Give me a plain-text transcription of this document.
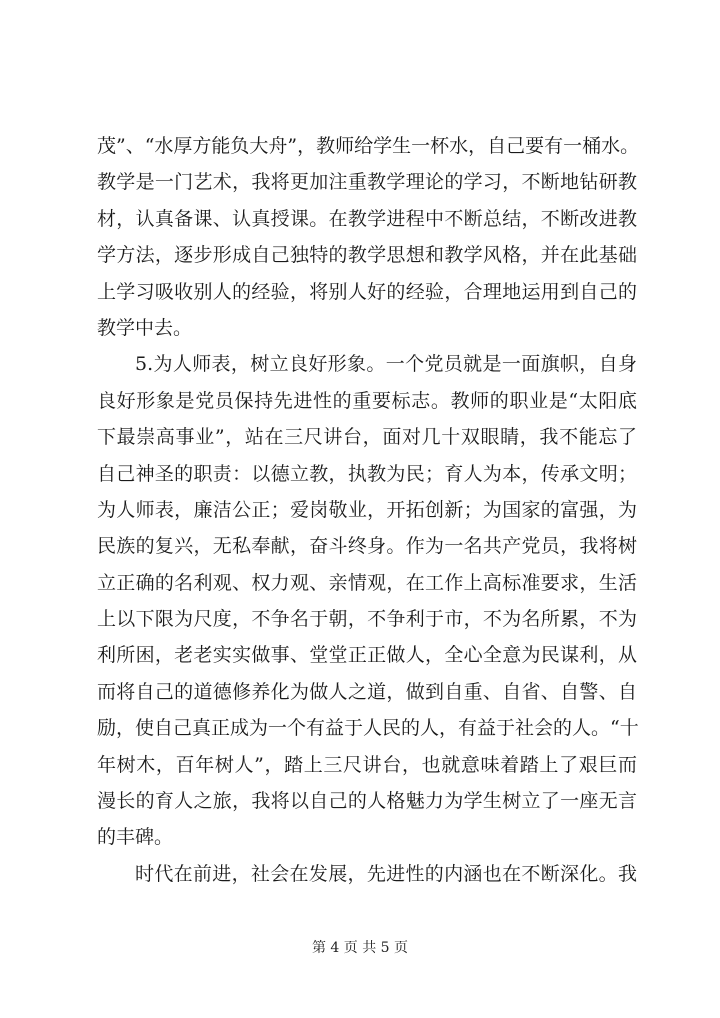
茂”、“水厚方能负大舟”，教师给学生一杯水，自己要有一桶水。
教学是一门艺术，我将更加注重教学理论的学习，不断地钻研教
材，认真备课、认真授课。在教学进程中不断总结，不断改进教
学方法，逐步形成自己独特的教学思想和教学风格，并在此基础
上学习吸收别人的经验，将别人好的经验，合理地运用到自己的
教学中去。
5.为人师表，树立良好形象。一个党员就是一面旗帜，自身
良好形象是党员保持先进性的重要标志。教师的职业是“太阳底
下最崇高事业”，站在三尺讲台，面对几十双眼睛，我不能忘了
自己神圣的职责：以德立教，执教为民；育人为本，传承文明；
为人师表，廉洁公正；爱岗敬业，开拓创新；为国家的富强，为
民族的复兴，无私奉献，奋斗终身。作为一名共产党员，我将树
立正确的名利观、权力观、亲情观，在工作上高标准要求，生活
上以下限为尺度，不争名于朝，不争利于市，不为名所累，不为
利所困，老老实实做事、堂堂正正做人，全心全意为民谋利，从
而将自己的道德修养化为做人之道，做到自重、自省、自警、自
励，使自己真正成为一个有益于人民的人，有益于社会的人。“十
年树木，百年树人”，踏上三尺讲台，也就意味着踏上了艰巨而
漫长的育人之旅，我将以自己的人格魅力为学生树立了一座无言
的丰碑。
时代在前进，社会在发展，先进性的内涵也在不断深化。我
第 4 页 共 5 页
